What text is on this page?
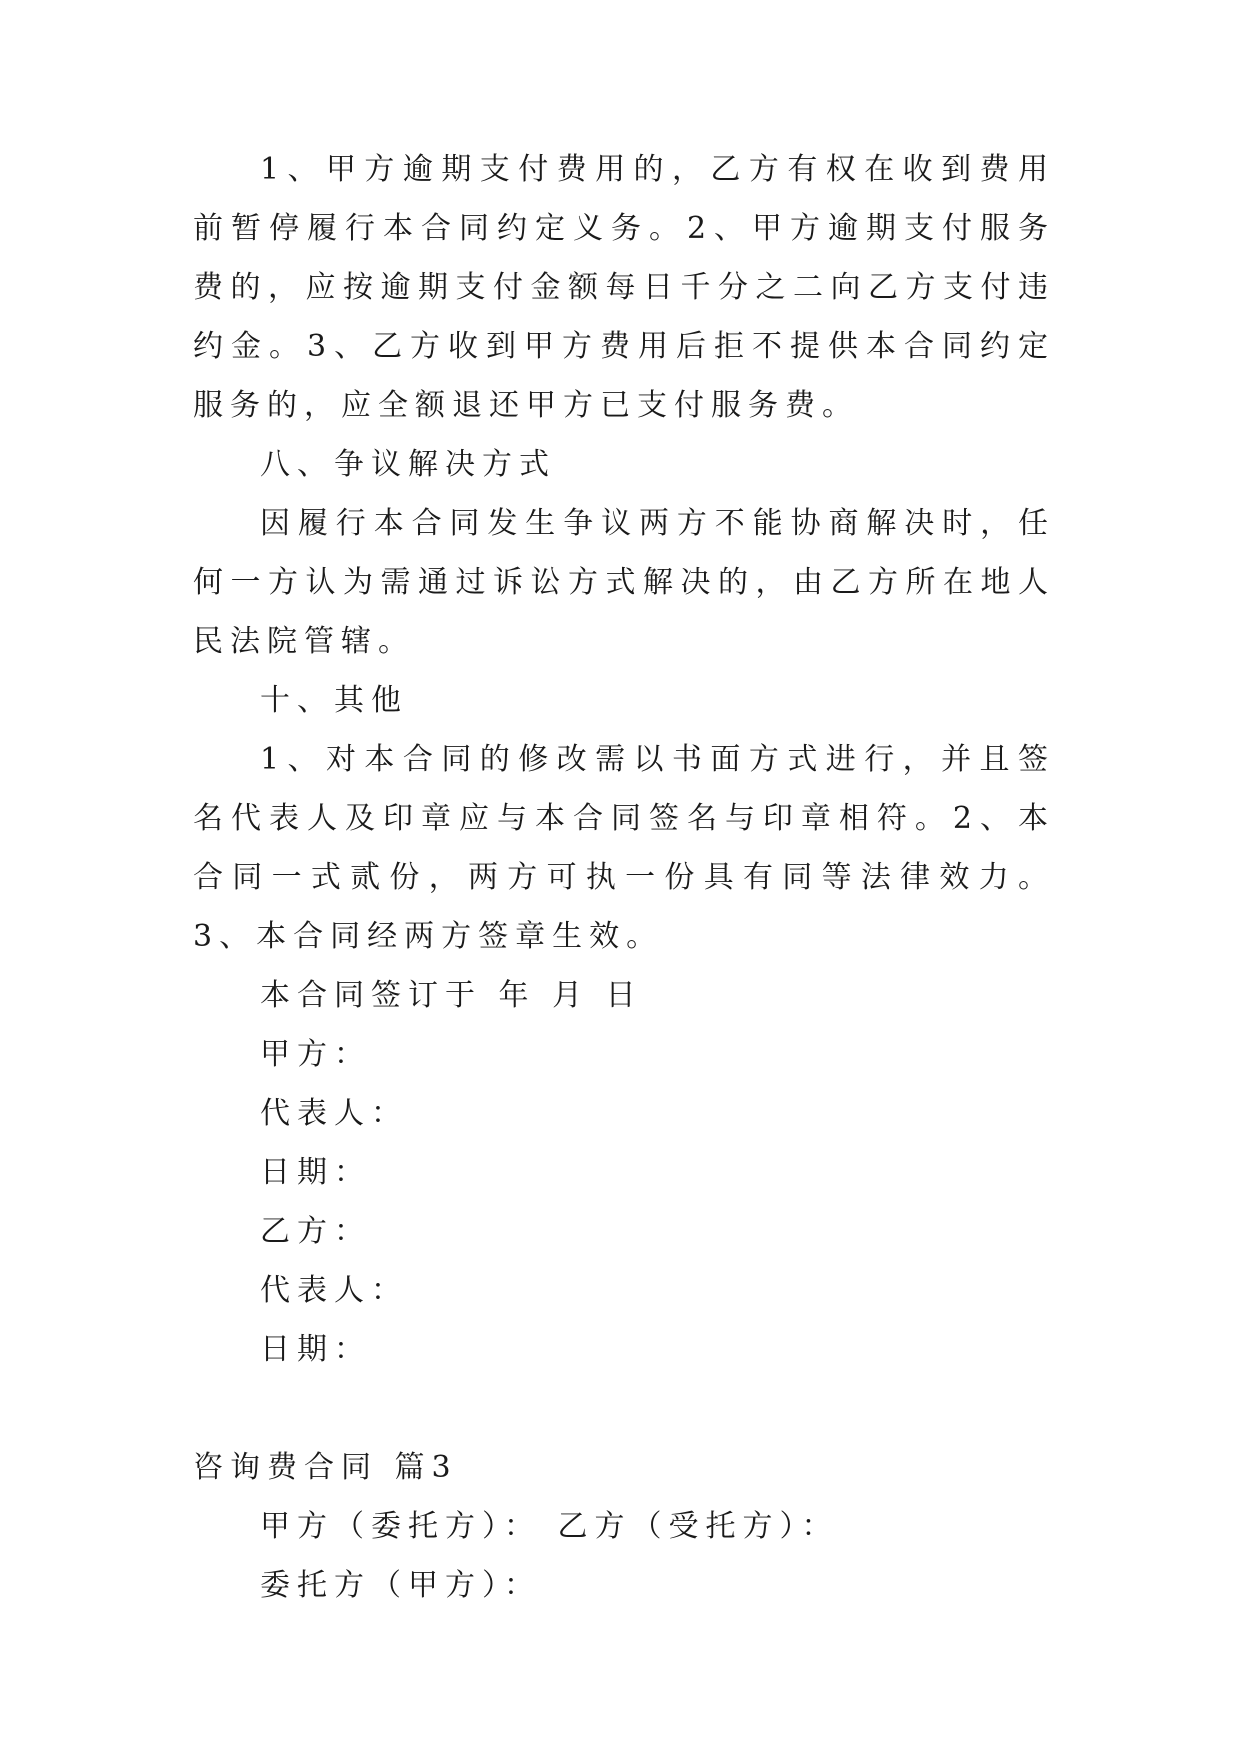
1、甲方逾期支付费用的，乙方有权在收到费用前暂停履行本合同约定义务。2、甲方逾期支付服务费的，应按逾期支付金额每日千分之二向乙方支付违约金。3、乙方收到甲方费用后拒不提供本合同约定服务的，应全额退还甲方已支付服务费。

八、争议解决方式

因履行本合同发生争议两方不能协商解决时，任何一方认为需通过诉讼方式解决的，由乙方所在地人民法院管辖。

十、其他

1、对本合同的修改需以书面方式进行，并且签名代表人及印章应与本合同签名与印章相符。2、本合同一式贰份，两方可执一份具有同等法律效力。3、本合同经两方签章生效。

本合同签订于 年 月 日

甲方：

代表人：

日期：

乙方：

代表人：

日期：

咨询费合同 篇3

甲方（委托方）： 乙方（受托方）：

委托方（甲方）：
